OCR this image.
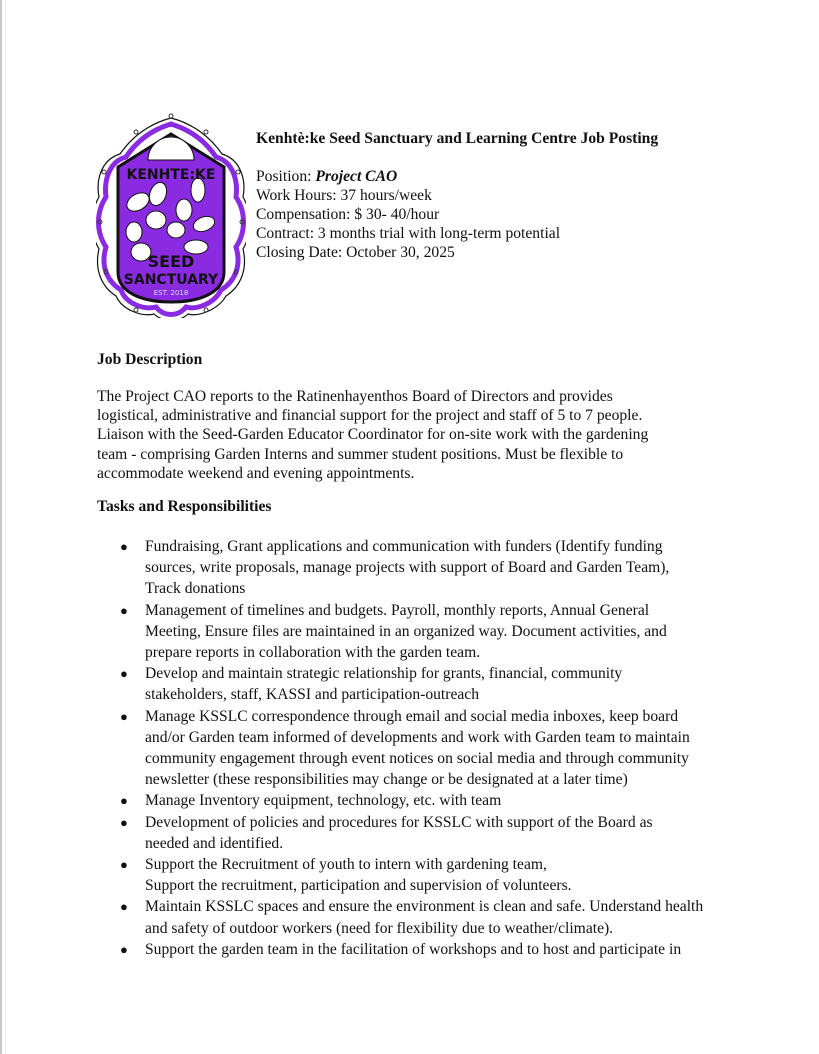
KENHTE:KE
SEED
SANCTUARY
EST. 2018
Kenhtè:ke Seed Sanctuary and Learning Centre Job Posting
Position: Project CAO
Work Hours: 37 hours/week
Compensation: $ 30- 40/hour
Contract: 3 months trial with long-term potential
Closing Date: October 30, 2025
Job Description
The Project CAO reports to the Ratinenhayenthos Board of Directors and provides
logistical, administrative and financial support for the project and staff of 5 to 7 people.
Liaison with the Seed-Garden Educator Coordinator for on-site work with the gardening
team - comprising Garden Interns and summer student positions. Must be flexible to
accommodate weekend and evening appointments.
Tasks and Responsibilities
● Fundraising, Grant applications and communication with funders (Identify funding
sources, write proposals, manage projects with support of Board and Garden Team),
Track donations
● Management of timelines and budgets. Payroll, monthly reports, Annual General
Meeting, Ensure files are maintained in an organized way. Document activities, and
prepare reports in collaboration with the garden team.
● Develop and maintain strategic relationship for grants, financial, community
stakeholders, staff, KASSI and participation-outreach
● Manage KSSLC correspondence through email and social media inboxes, keep board
and/or Garden team informed of developments and work with Garden team to maintain
community engagement through event notices on social media and through community
newsletter (these responsibilities may change or be designated at a later time)
● Manage Inventory equipment, technology, etc. with team
● Development of policies and procedures for KSSLC with support of the Board as
needed and identified.
● Support the Recruitment of youth to intern with gardening team,
Support the recruitment, participation and supervision of volunteers.
● Maintain KSSLC spaces and ensure the environment is clean and safe. Understand health
and safety of outdoor workers (need for flexibility due to weather/climate).
● Support the garden team in the facilitation of workshops and to host and participate in
